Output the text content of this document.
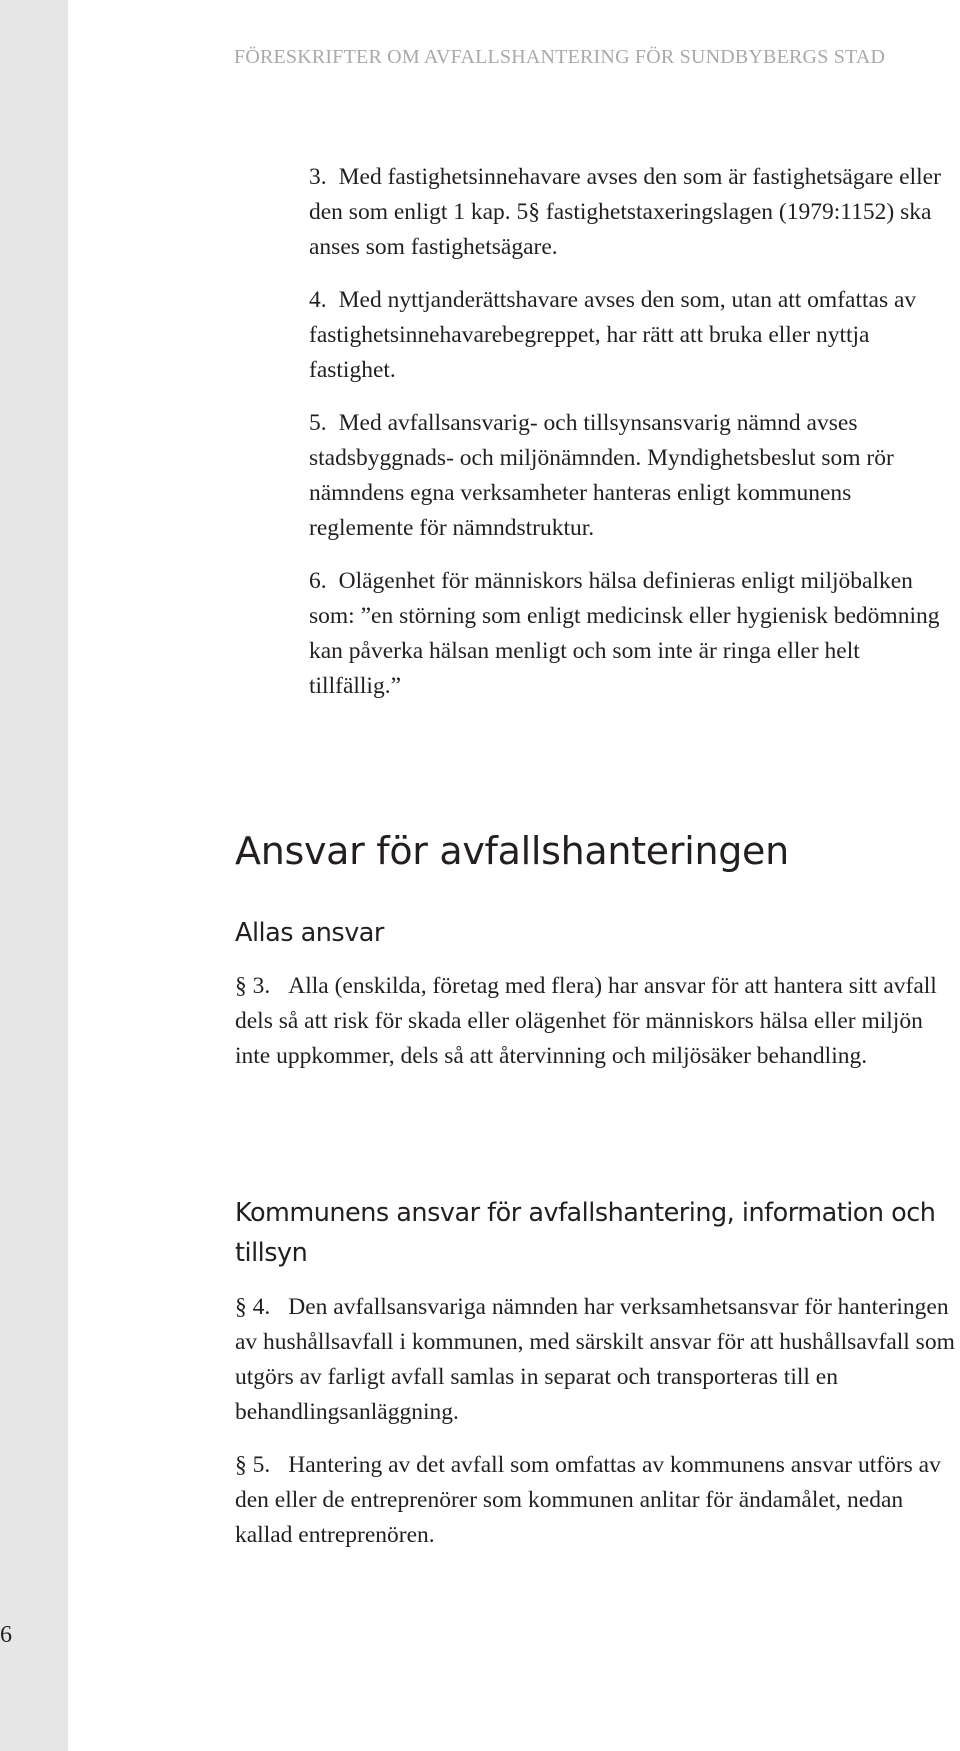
6
FÖRESKRIFTER OM AVFALLSHANTERING FÖR SUNDBYBERGS STAD

3. Med fastighetsinnehavare avses den som är fastighetsägare eller den som enligt 1 kap. 5§ fastighetstaxeringslagen (1979:1152) ska anses som fastighetsägare.

4. Med nyttjanderättshavare avses den som, utan att omfattas av fastighetsinnehavarebegreppet, har rätt att bruka eller nyttja fastighet.

5. Med avfallsansvarig- och tillsynsansvarig nämnd avses stadsbyggnads- och miljönämnden. Myndighetsbeslut som rör nämndens egna verksamheter hanteras enligt kommunens reglemente för nämndstruktur.

6. Olägenhet för människors hälsa definieras enligt miljöbalken som: ”en störning som enligt medicinsk eller hygienisk bedömning kan påverka hälsan menligt och som inte är ringa eller helt tillfällig.”

Ansvar för avfallshanteringen
Allas ansvar

§ 3. Alla (enskilda, företag med flera) har ansvar för att hantera sitt avfall dels så att risk för skada eller olägenhet för människors hälsa eller miljön inte uppkommer, dels så att återvinning och miljösäker behandling.

Kommunens ansvar för avfallshantering, information och tillsyn

§ 4. Den avfallsansvariga nämnden har verksamhetsansvar för hanteringen av hushållsavfall i kommunen, med särskilt ansvar för att hushållsavfall som utgörs av farligt avfall samlas in separat och transporteras till en behandlingsanläggning.

§ 5. Hantering av det avfall som omfattas av kommunens ansvar utförs av den eller de entreprenörer som kommunen anlitar för ändamålet, nedan kallad entreprenören.
